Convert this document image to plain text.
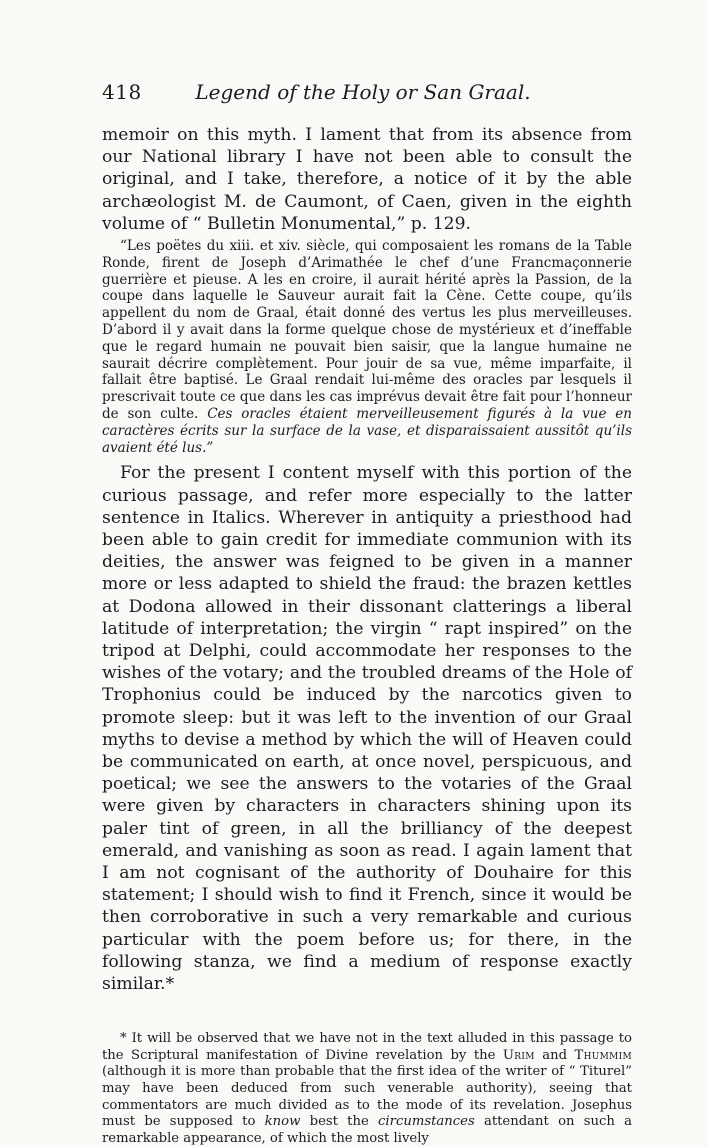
418	Legend of the Holy or San Graal.

memoir on this myth. I lament that from its absence from our National library I have not been able to consult the original, and I take, therefore, a notice of it by the able archæologist M. de Caumont, of Caen, given in the eighth volume of “ Bulletin Monumental,” p. 129.

“Les poëtes du xiii. et xiv. siècle, qui composaient les romans de la Table Ronde, firent de Joseph d’Arimathée le chef d’une Francmaçonnerie guerrière et pieuse. A les en croire, il aurait hérité après la Passion, de la coupe dans laquelle le Sauveur aurait fait la Cène. Cette coupe, qu’ils appellent du nom de Graal, était donné des vertus les plus merveilleuses. D’abord il y avait dans la forme quelque chose de mystérieux et d’ineffable que le regard humain ne pouvait bien saisir, que la langue humaine ne saurait décrire complètement. Pour jouir de sa vue, même imparfaite, il fallait être baptisé. Le Graal rendait lui-même des oracles par lesquels il prescrivait toute ce que dans les cas imprévus devait être fait pour l’honneur de son culte. Ces oracles étaient merveilleusement figurés à la vue en caractères écrits sur la surface de la vase, et disparaissaient aussitôt qu’ils avaient été lus.”

For the present I content myself with this portion of the curious passage, and refer more especially to the latter sentence in Italics. Wherever in antiquity a priesthood had been able to gain credit for immediate communion with its deities, the answer was feigned to be given in a manner more or less adapted to shield the fraud: the brazen kettles at Dodona allowed in their dissonant clatterings a liberal latitude of interpretation; the virgin “ rapt inspired” on the tripod at Delphi, could accommodate her responses to the wishes of the votary; and the troubled dreams of the Hole of Trophonius could be induced by the narcotics given to promote sleep: but it was left to the invention of our Graal myths to devise a method by which the will of Heaven could be communicated on earth, at once novel, perspicuous, and poetical; we see the answers to the votaries of the Graal were given by characters in characters shining upon its paler tint of green, in all the brilliancy of the deepest emerald, and vanishing as soon as read. I again lament that I am not cognisant of the authority of Douhaire for this statement; I should wish to find it French, since it would be then corroborative in such a very remarkable and curious particular with the poem before us; for there, in the following stanza, we find a medium of response exactly similar.*

* It will be observed that we have not in the text alluded in this passage to the Scriptural manifestation of Divine revelation by the Urim and Thummim (although it is more than probable that the first idea of the writer of “ Titurel” may have been deduced from such venerable authority), seeing that commentators are much divided as to the mode of its revelation. Josephus must be supposed to know best the circumstances attendant on such a remarkable appearance, of which the most lively
